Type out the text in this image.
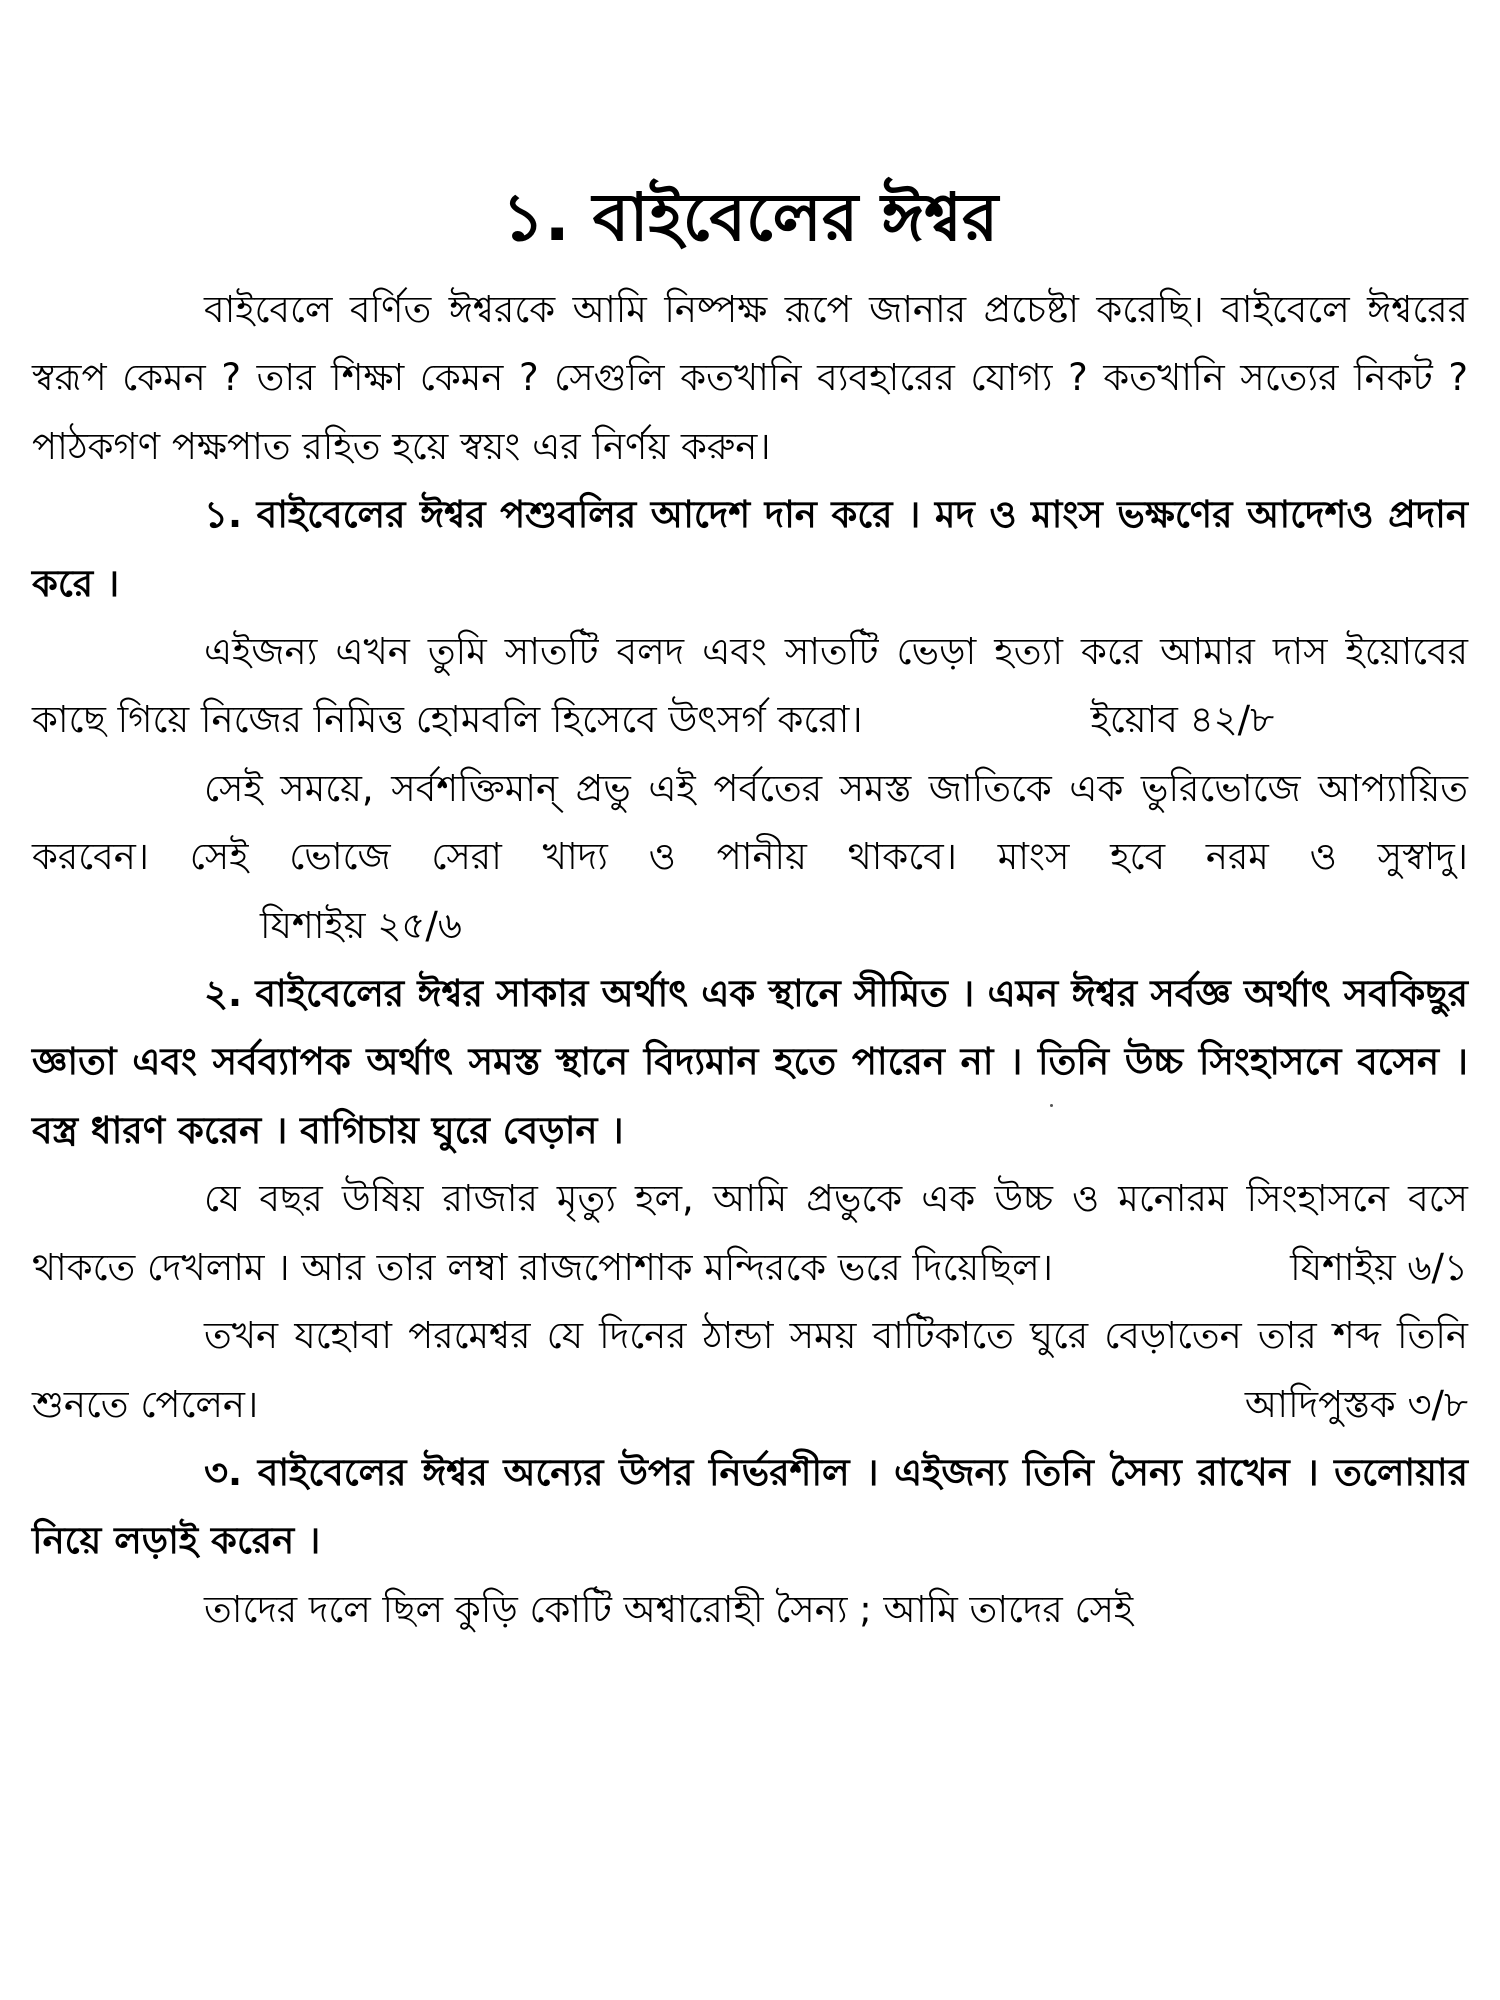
১. বাইবেলের ঈশ্বর

বাইবেলে বর্ণিত ঈশ্বরকে আমি নিষ্পক্ষ রূপে জানার প্রচেষ্টা করেছি। বাইবেলে ঈশ্বরের স্বরূপ কেমন ? তার শিক্ষা কেমন ? সেগুলি কতখানি ব্যবহারের যোগ্য ? কতখানি সত্যের নিকট ? পাঠকগণ পক্ষপাত রহিত হয়ে স্বয়ং এর নির্ণয় করুন।

১. বাইবেলের ঈশ্বর পশুবলির আদেশ দান করে । মদ ও মাংস ভক্ষণের আদেশও প্রদান করে ।

এইজন্য এখন তুমি সাতটি বলদ এবং সাতটি ভেড়া হত্যা করে আমার দাস ইয়োবের কাছে গিয়ে নিজের নিমিত্ত হোমবলি হিসেবে উৎসর্গ করো।	ইয়োব ৪২/৮

সেই সময়ে, সর্বশক্তিমান্ প্রভু এই পর্বতের সমস্ত জাতিকে এক ভুরিভোজে আপ্যায়িত করবেন। সেই ভোজে সেরা খাদ্য ও পানীয় থাকবে। মাংস হবে নরম ও সুস্বাদু।যিশাইয় ২৫/৬

২. বাইবেলের ঈশ্বর সাকার অর্থাৎ এক স্থানে সীমিত । এমন ঈশ্বর সর্বজ্ঞ অর্থাৎ সবকিছুর জ্ঞাতা এবং সর্বব্যাপক অর্থাৎ সমস্ত স্থানে বিদ্যমান হতে পারেন না । তিনি উচ্চ সিংহাসনে বসেন । বস্ত্র ধারণ করেন । বাগিচায় ঘুরে বেড়ান ।

যে বছর উষিয় রাজার মৃত্যু হল, আমি প্রভুকে এক উচ্চ ও মনোরম সিংহাসনে বসে থাকতে দেখলাম । আর তার লম্বা রাজপোশাক মন্দিরকে ভরে দিয়েছিল।	যিশাইয় ৬/১

তখন যহোবা পরমেশ্বর যে দিনের ঠান্ডা সময় বাটিকাতে ঘুরে বেড়াতেন তার শব্দ তিনি শুনতে পেলেন।	আদিপুস্তক ৩/৮

৩. বাইবেলের ঈশ্বর অন্যের উপর নির্ভরশীল । এইজন্য তিনি সৈন্য রাখেন । তলোয়ার নিয়ে লড়াই করেন ।

তাদের দলে ছিল কুড়ি কোটি অশ্বারোহী সৈন্য ; আমি তাদের সেই
